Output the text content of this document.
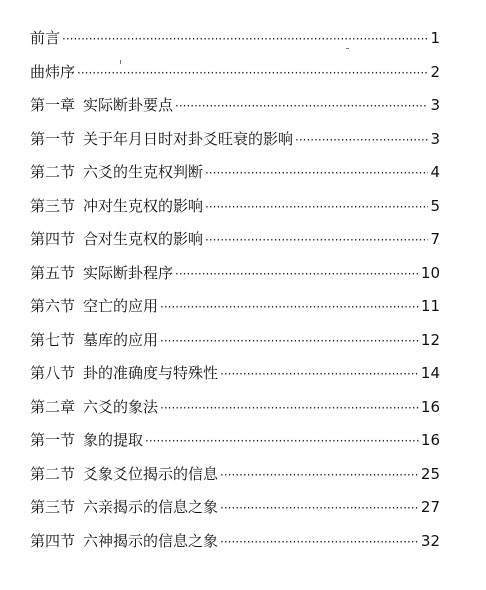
前言 ·····	1
曲炜序 ·····	2
第一章 实际断卦要点 ·····	3
第一节 关于年月日时对卦爻旺衰的影响 ·····	3
第二节 六爻的生克权判断 ·····	4
第三节 冲对生克权的影响 ·····	5
第四节 合对生克权的影响 ·····	7
第五节 实际断卦程序 ·····	10
第六节 空亡的应用 ·····	11
第七节 墓库的应用 ·····	12
第八节 卦的准确度与特殊性 ·····	14
第二章 六爻的象法 ·····	16
第一节 象的提取 ·····	16
第二节 爻象爻位揭示的信息 ·····	25
第三节 六亲揭示的信息之象 ·····	27
第四节 六神揭示的信息之象 ·····	32
